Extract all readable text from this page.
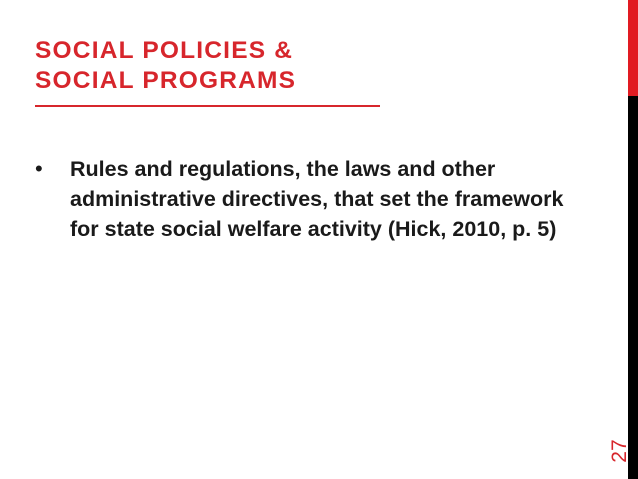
SOCIAL POLICIES &
SOCIAL PROGRAMS
• Rules and regulations, the laws and other administrative directives, that set the framework for state social welfare activity (Hick, 2010, p. 5)
27
